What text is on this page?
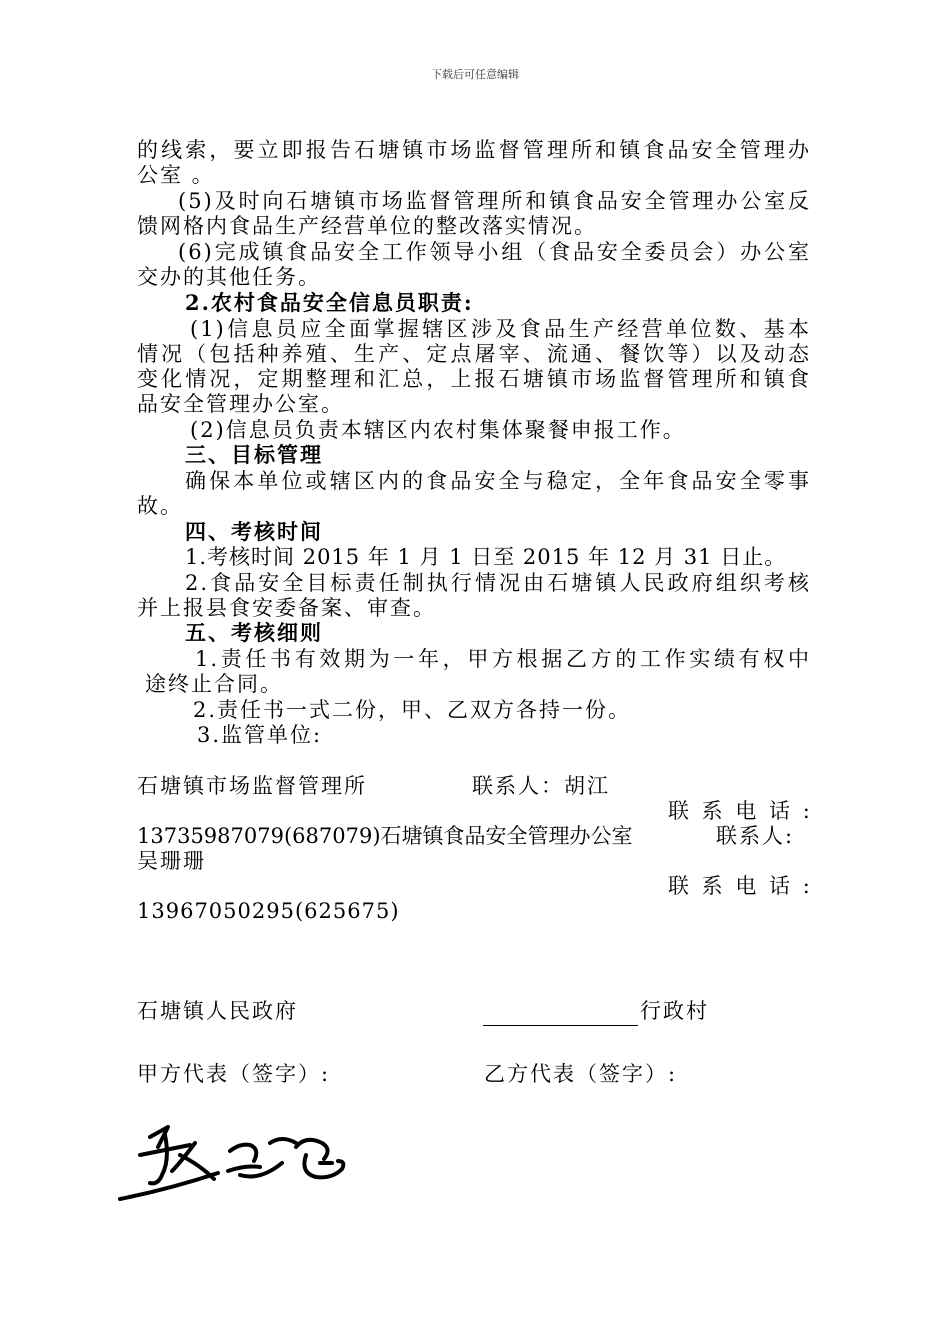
下载后可任意编辑
的线索，要立即报告石塘镇市场监督管理所和镇食品安全管理办
公室 。
(5)及时向石塘镇市场监督管理所和镇食品安全管理办公室反
馈网格内食品生产经营单位的整改落实情况。
(6)完成镇食品安全工作领导小组（食品安全委员会）办公室
交办的其他任务。
2.农村食品安全信息员职责:
(1)信息员应全面掌握辖区涉及食品生产经营单位数、基本
情况（包括种养殖、生产、定点屠宰、流通、餐饮等）以及动态
变化情况，定期整理和汇总，上报石塘镇市场监督管理所和镇食
品安全管理办公室。
(2)信息员负责本辖区内农村集体聚餐申报工作。
三、目标管理
确保本单位或辖区内的食品安全与稳定，全年食品安全零事
故。
四、考核时间
1.考核时间 2015 年 1 月 1 日至 2015 年 12 月 31 日止。
2.食品安全目标责任制执行情况由石塘镇人民政府组织考核
并上报县食安委备案、审查。
五、考核细则
1.责任书有效期为一年，甲方根据乙方的工作实绩有权中
途终止合同。
2.责任书一式二份，甲、乙双方各持一份。
3.监管单位:
石塘镇市场监督管理所	联系人：胡江
联 系 电 话 :
13735987079(687079)石塘镇食品安全管理办公室	联系人:
吴珊珊
联 系 电 话 :
13967050295(625675)
石塘镇人民政府	行政村
甲方代表（签字）:	乙方代表（签字）:
